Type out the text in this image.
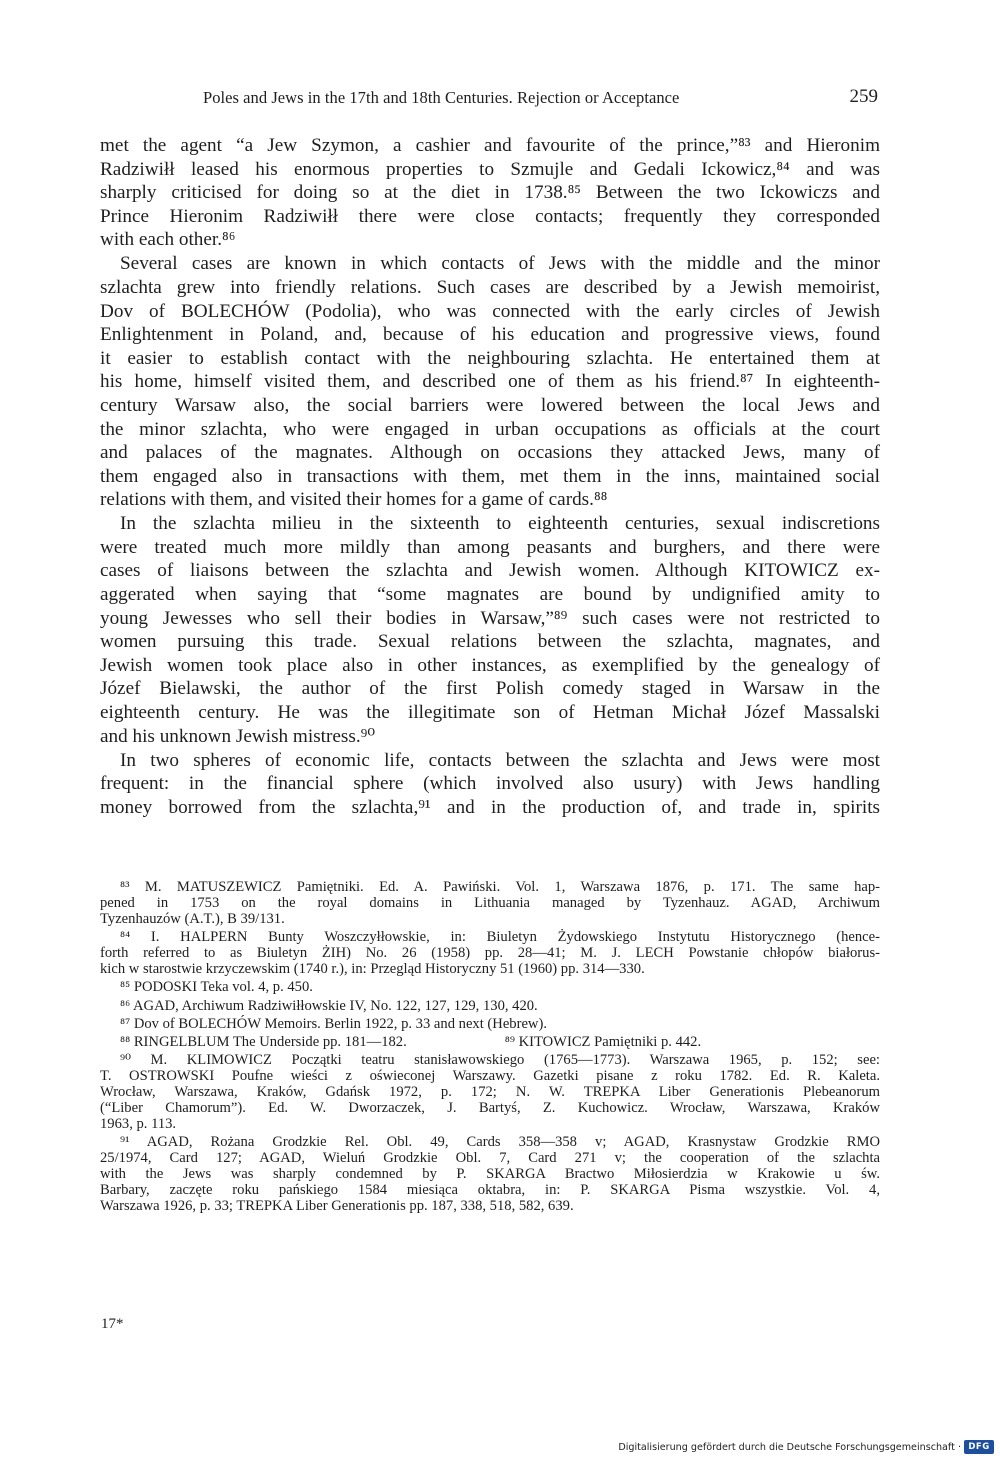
Poles and Jews in the 17th and 18th Centuries. Rejection or Acceptance	259
met the agent “a Jew Szymon, a cashier and favourite of the prince,”⁸³ and Hieronim
Radziwiłł leased his enormous properties to Szmujle and Gedali Ickowicz,⁸⁴ and was
sharply criticised for doing so at the diet in 1738.⁸⁵ Between the two Ickowiczs and
Prince Hieronim Radziwiłł there were close contacts; frequently they corresponded
with each other.⁸⁶
Several cases are known in which contacts of Jews with the middle and the minor
szlachta grew into friendly relations. Such cases are described by a Jewish memoirist,
Dov of BOLECHÓW (Podolia), who was connected with the early circles of Jewish
Enlightenment in Poland, and, because of his education and progressive views, found
it easier to establish contact with the neighbouring szlachta. He entertained them at
his home, himself visited them, and described one of them as his friend.⁸⁷ In eighteenth-
century Warsaw also, the social barriers were lowered between the local Jews and
the minor szlachta, who were engaged in urban occupations as officials at the court
and palaces of the magnates. Although on occasions they attacked Jews, many of
them engaged also in transactions with them, met them in the inns, maintained social
relations with them, and visited their homes for a game of cards.⁸⁸
In the szlachta milieu in the sixteenth to eighteenth centuries, sexual indiscretions
were treated much more mildly than among peasants and burghers, and there were
cases of liaisons between the szlachta and Jewish women. Although KITOWICZ ex-
aggerated when saying that “some magnates are bound by undignified amity to
young Jewesses who sell their bodies in Warsaw,”⁸⁹ such cases were not restricted to
women pursuing this trade. Sexual relations between the szlachta, magnates, and
Jewish women took place also in other instances, as exemplified by the genealogy of
Józef Bielawski, the author of the first Polish comedy staged in Warsaw in the
eighteenth century. He was the illegitimate son of Hetman Michał Józef Massalski
and his unknown Jewish mistress.⁹⁰
In two spheres of economic life, contacts between the szlachta and Jews were most
frequent: in the financial sphere (which involved also usury) with Jews handling
money borrowed from the szlachta,⁹¹ and in the production of, and trade in, spirits
⁸³ M. MATUSZEWICZ Pamiętniki. Ed. A. Pawiński. Vol. 1, Warszawa 1876, p. 171. The same hap-
pened in 1753 on the royal domains in Lithuania managed by Tyzenhauz. AGAD, Archiwum
Tyzenhauzów (A.T.), B 39/131.
⁸⁴ I. HALPERN Bunty Woszczyłłowskie, in: Biuletyn Żydowskiego Instytutu Historycznego (hence-
forth referred to as Biuletyn ŻIH) No. 26 (1958) pp. 28—41; M. J. LECH Powstanie chłopów białorus-
kich w starostwie krzyczewskim (1740 r.), in: Przegląd Historyczny 51 (1960) pp. 314—330.
⁸⁵ PODOSKI Teka vol. 4, p. 450.
⁸⁶ AGAD, Archiwum Radziwiłłowskie IV, No. 122, 127, 129, 130, 420.
⁸⁷ Dov of BOLECHÓW Memoirs. Berlin 1922, p. 33 and next (Hebrew).
⁸⁸ RINGELBLUM The Underside pp. 181—182.	⁸⁹ KITOWICZ Pamiętniki p. 442.
⁹⁰ M. KLIMOWICZ Początki teatru stanisławowskiego (1765—1773). Warszawa 1965, p. 152; see:
T. OSTROWSKI Poufne wieści z oświeconej Warszawy. Gazetki pisane z roku 1782. Ed. R. Kaleta.
Wrocław, Warszawa, Kraków, Gdańsk 1972, p. 172; N. W. TREPKA Liber Generationis Plebeanorum
(“Liber Chamorum”). Ed. W. Dworzaczek, J. Bartyś, Z. Kuchowicz. Wrocław, Warszawa, Kraków
1963, p. 113.
⁹¹ AGAD, Rożana Grodzkie Rel. Obl. 49, Cards 358—358 v; AGAD, Krasnystaw Grodzkie RMO
25/1974, Card 127; AGAD, Wieluń Grodzkie Obl. 7, Card 271 v; the cooperation of the szlachta
with the Jews was sharply condemned by P. SKARGA Bractwo Miłosierdzia w Krakowie u św.
Barbary, zaczęte roku pańskiego 1584 miesiąca oktabra, in: P. SKARGA Pisma wszystkie. Vol. 4,
Warszawa 1926, p. 33; TREPKA Liber Generationis pp. 187, 338, 518, 582, 639.
17*
Digitalisierung gefördert durch die Deutsche Forschungsgemeinschaft · DFG
